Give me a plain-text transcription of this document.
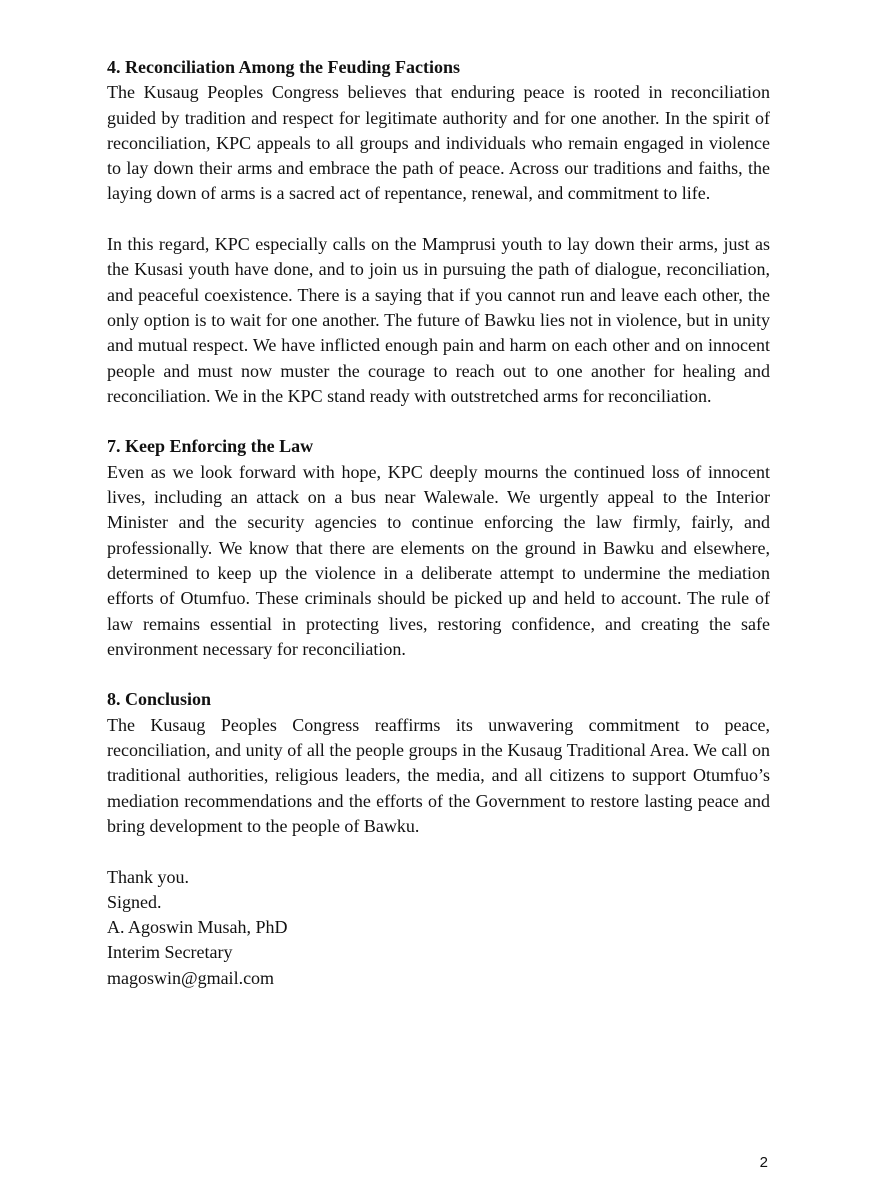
4. Reconciliation Among the Feuding Factions

The Kusaug Peoples Congress believes that enduring peace is rooted in reconciliation guided by tradition and respect for legitimate authority and for one another. In the spirit of reconciliation, KPC appeals to all groups and individuals who remain engaged in violence to lay down their arms and embrace the path of peace. Across our traditions and faiths, the laying down of arms is a sacred act of repentance, renewal, and commitment to life.

In this regard, KPC especially calls on the Mamprusi youth to lay down their arms, just as the Kusasi youth have done, and to join us in pursuing the path of dialogue, reconciliation, and peaceful coexistence. There is a saying that if you cannot run and leave each other, the only option is to wait for one another. The future of Bawku lies not in violence, but in unity and mutual respect. We have inflicted enough pain and harm on each other and on innocent people and must now muster the courage to reach out to one another for healing and reconciliation. We in the KPC stand ready with outstretched arms for reconciliation.

7. Keep Enforcing the Law

Even as we look forward with hope, KPC deeply mourns the continued loss of innocent lives, including an attack on a bus near Walewale. We urgently appeal to the Interior Minister and the security agencies to continue enforcing the law firmly, fairly, and professionally. We know that there are elements on the ground in Bawku and elsewhere, determined to keep up the violence in a deliberate attempt to undermine the mediation efforts of Otumfuo. These criminals should be picked up and held to account. The rule of law remains essential in protecting lives, restoring confidence, and creating the safe environment necessary for reconciliation.

8. Conclusion

The Kusaug Peoples Congress reaffirms its unwavering commitment to peace, reconciliation, and unity of all the people groups in the Kusaug Traditional Area. We call on traditional authorities, religious leaders, the media, and all citizens to support Otumfuo’s mediation recommendations and the efforts of the Government to restore lasting peace and bring development to the people of Bawku.

Thank you.

Signed.

A. Agoswin Musah, PhD

Interim Secretary

magoswin@gmail.com

2
